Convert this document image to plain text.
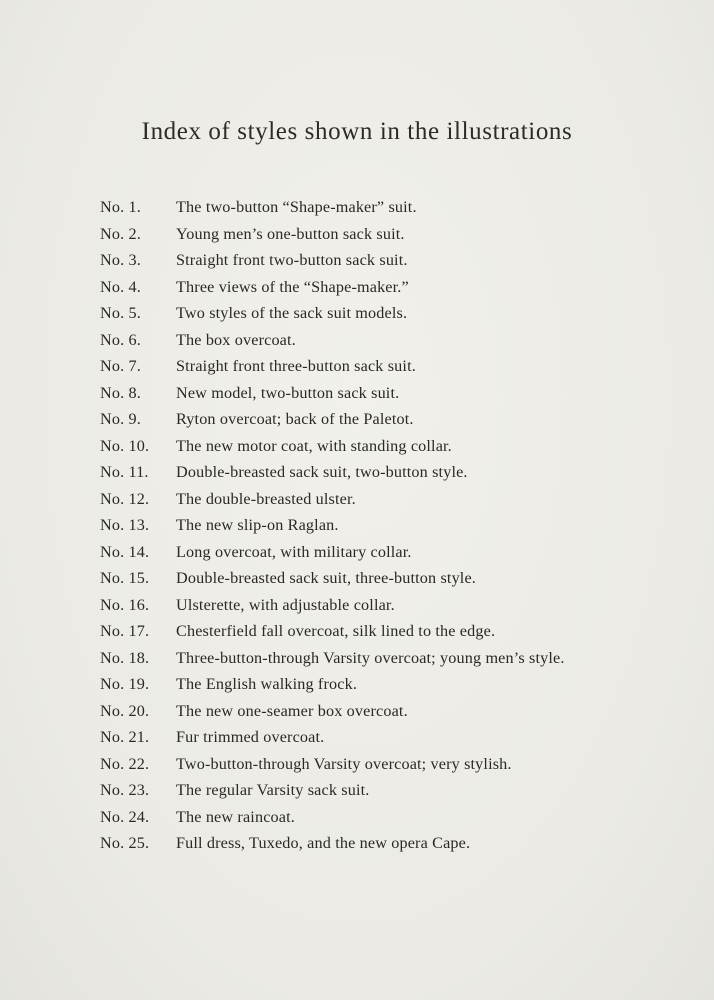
Index of styles shown in the illustrations
No. 1.	The two-button “Shape-maker” suit.
No. 2.	Young men’s one-button sack suit.
No. 3.	Straight front two-button sack suit.
No. 4.	Three views of the “Shape-maker.”
No. 5.	Two styles of the sack suit models.
No. 6.	The box overcoat.
No. 7.	Straight front three-button sack suit.
No. 8.	New model, two-button sack suit.
No. 9.	Ryton overcoat; back of the Paletot.
No. 10.	The new motor coat, with standing collar.
No. 11.	Double-breasted sack suit, two-button style.
No. 12.	The double-breasted ulster.
No. 13.	The new slip-on Raglan.
No. 14.	Long overcoat, with military collar.
No. 15.	Double-breasted sack suit, three-button style.
No. 16.	Ulsterette, with adjustable collar.
No. 17.	Chesterfield fall overcoat, silk lined to the edge.
No. 18.	Three-button-through Varsity overcoat; young men’s style.
No. 19.	The English walking frock.
No. 20.	The new one-seamer box overcoat.
No. 21.	Fur trimmed overcoat.
No. 22.	Two-button-through Varsity overcoat; very stylish.
No. 23.	The regular Varsity sack suit.
No. 24.	The new raincoat.
No. 25.	Full dress, Tuxedo, and the new opera Cape.
